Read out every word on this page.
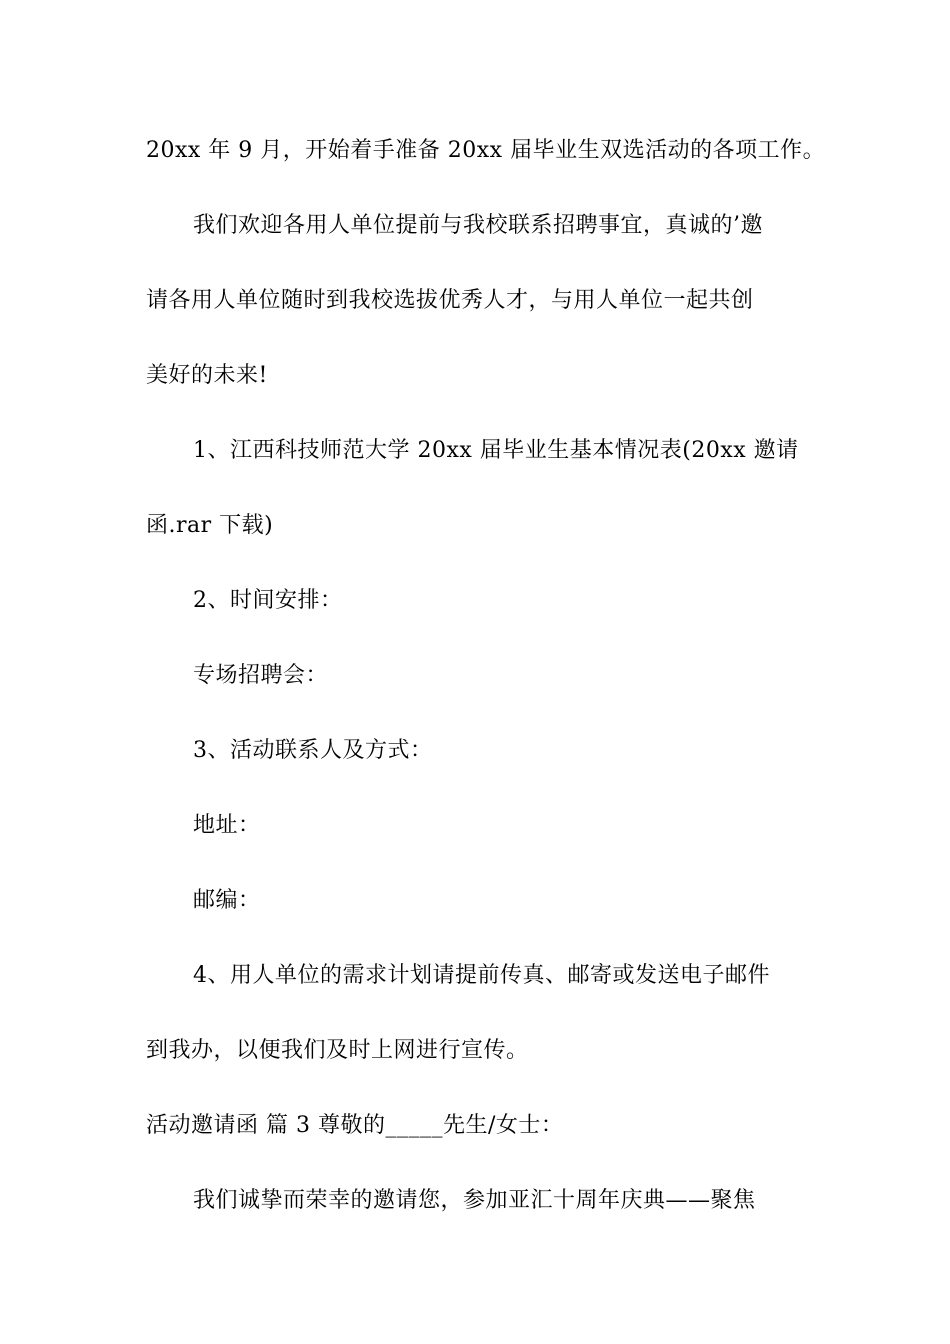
20xx 年 9 月，开始着手准备 20xx 届毕业生双选活动的各项工作。
我们欢迎各用人单位提前与我校联系招聘事宜，真诚的’邀
请各用人单位随时到我校选拔优秀人才，与用人单位一起共创
美好的未来!
1、江西科技师范大学 20xx 届毕业生基本情况表(20xx 邀请
函.rar 下载)
2、时间安排：
专场招聘会：
3、活动联系人及方式：
地址：
邮编：
4、用人单位的需求计划请提前传真、邮寄或发送电子邮件
到我办，以便我们及时上网进行宣传。
活动邀请函 篇 3 尊敬的_____先生/女士：
我们诚挚而荣幸的邀请您，参加亚汇十周年庆典——聚焦
